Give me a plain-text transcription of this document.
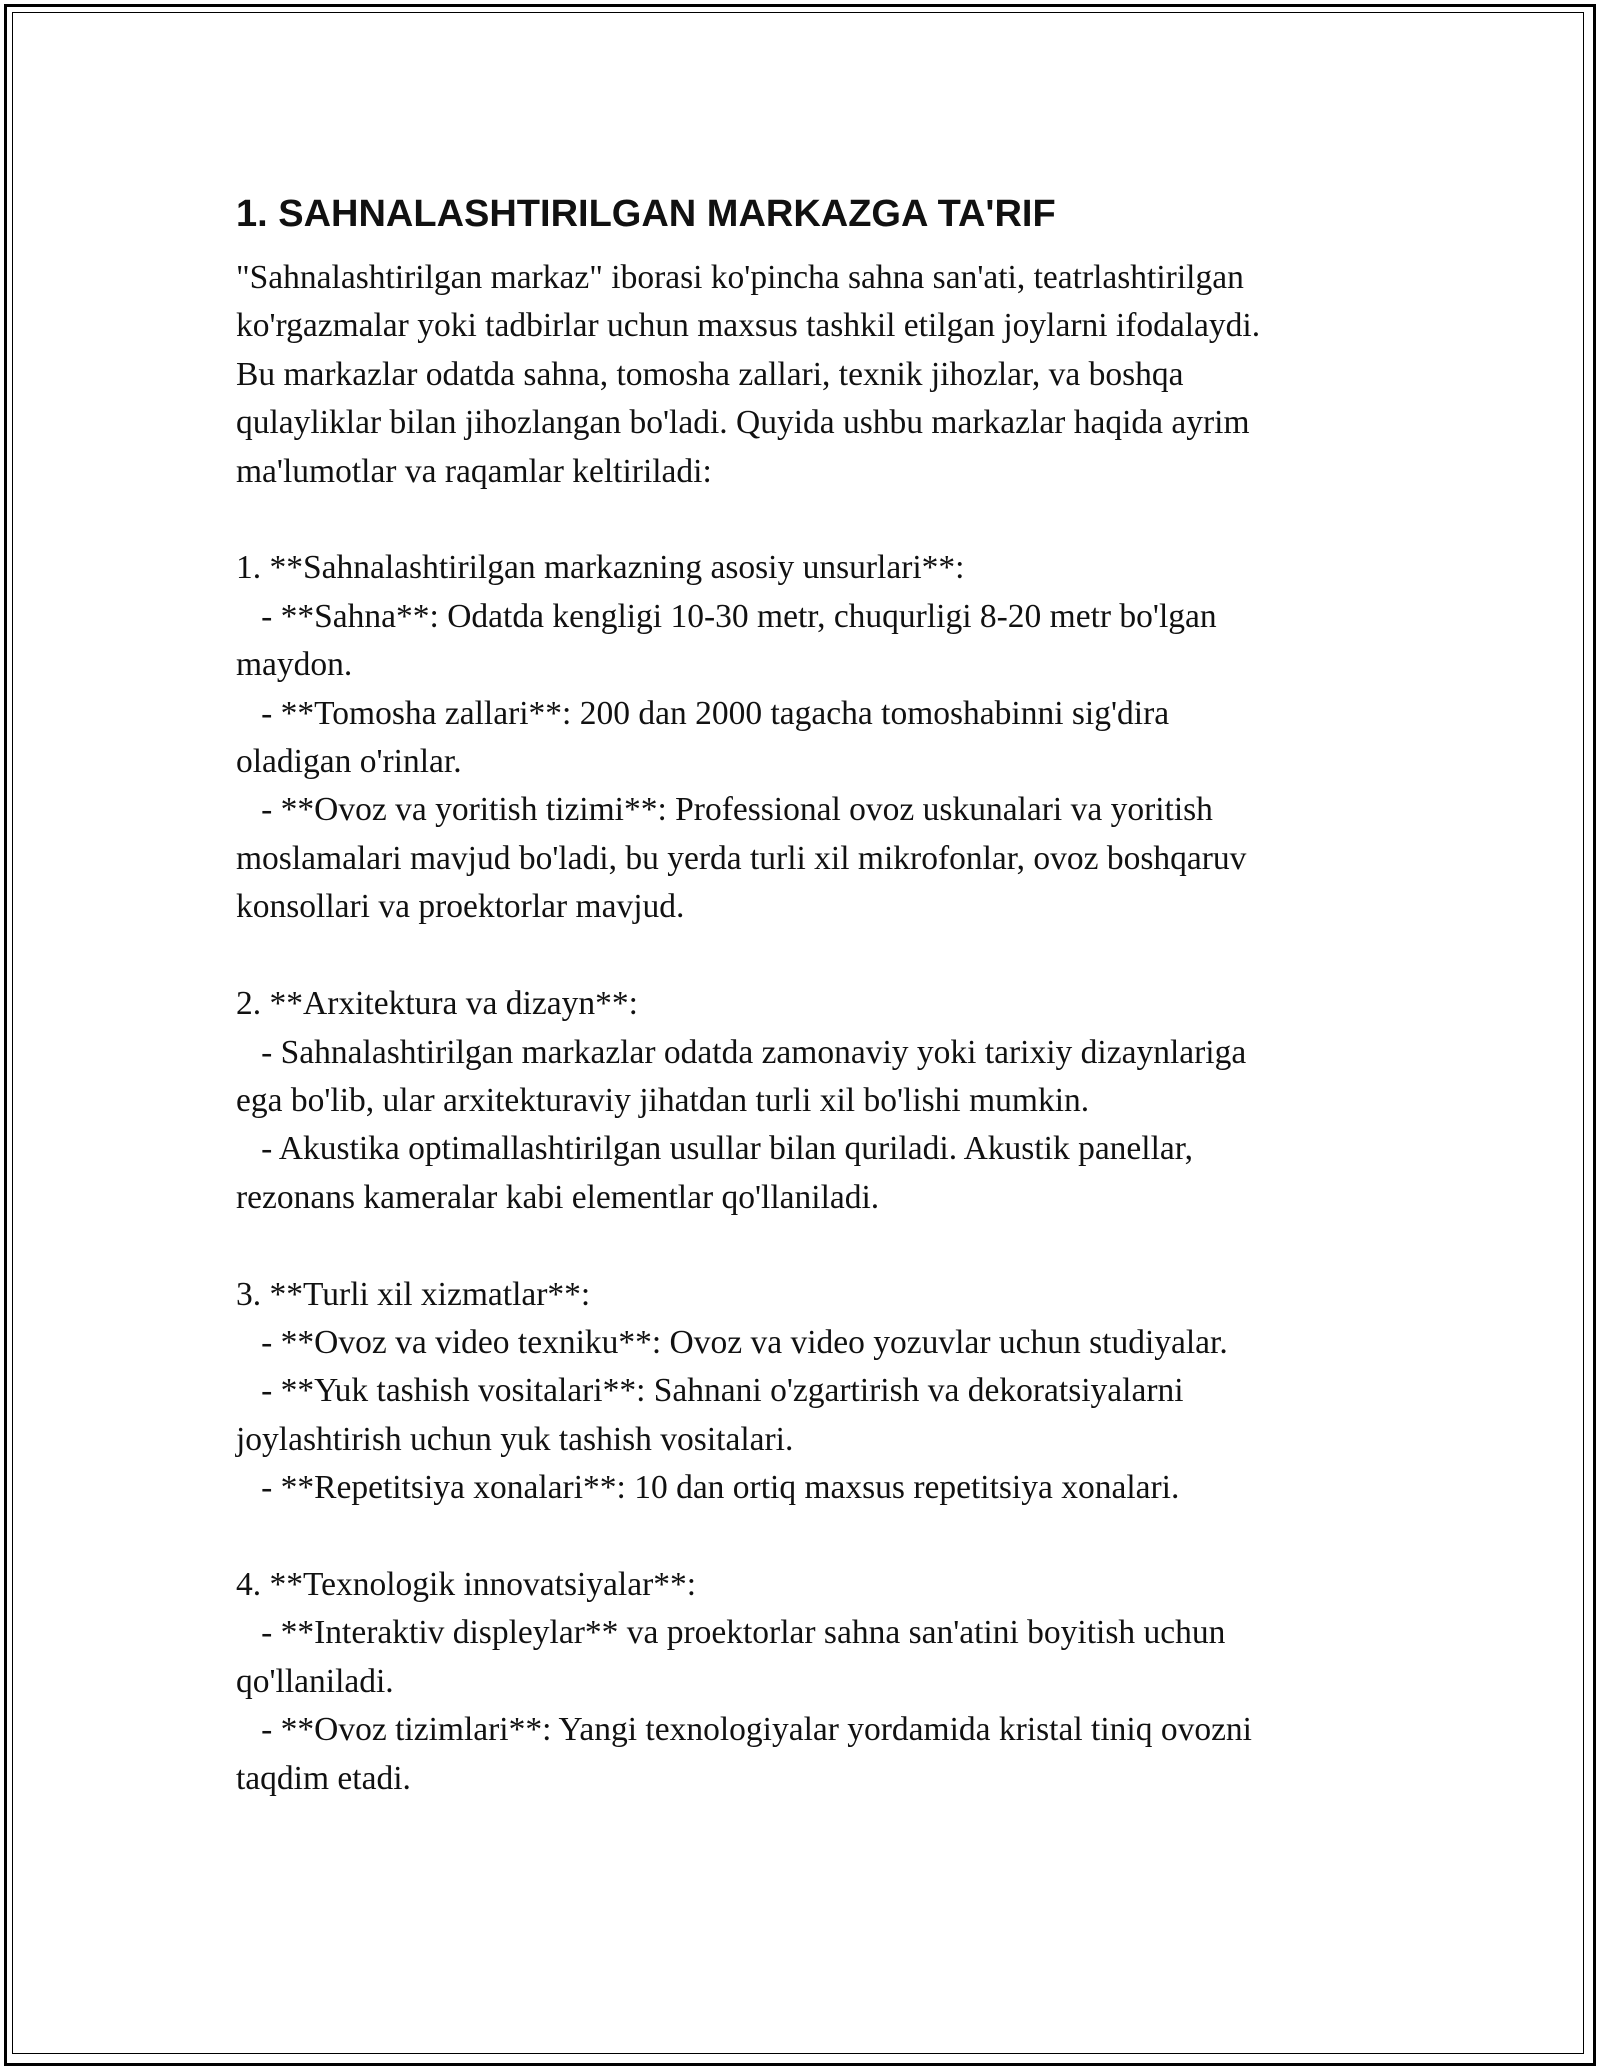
1. SAHNALASHTIRILGAN MARKAZGA TA'RIF

"Sahnalashtirilgan markaz" iborasi ko'pincha sahna san'ati, teatrlashtirilgan
ko'rgazmalar yoki tadbirlar uchun maxsus tashkil etilgan joylarni ifodalaydi.
Bu markazlar odatda sahna, tomosha zallari, texnik jihozlar, va boshqa
qulayliklar bilan jihozlangan bo'ladi. Quyida ushbu markazlar haqida ayrim
ma'lumotlar va raqamlar keltiriladi:

1. **Sahnalashtirilgan markazning asosiy unsurlari**:
- **Sahna**: Odatda kengligi 10-30 metr, chuqurligi 8-20 metr bo'lgan
maydon.
- **Tomosha zallari**: 200 dan 2000 tagacha tomoshabinni sig'dira
oladigan o'rinlar.
- **Ovoz va yoritish tizimi**: Professional ovoz uskunalari va yoritish
moslamalari mavjud bo'ladi, bu yerda turli xil mikrofonlar, ovoz boshqaruv
konsollari va proektorlar mavjud.

2. **Arxitektura va dizayn**:
- Sahnalashtirilgan markazlar odatda zamonaviy yoki tarixiy dizaynlariga
ega bo'lib, ular arxitekturaviy jihatdan turli xil bo'lishi mumkin.
- Akustika optimallashtirilgan usullar bilan quriladi. Akustik panellar,
rezonans kameralar kabi elementlar qo'llaniladi.

3. **Turli xil xizmatlar**:
- **Ovoz va video texniku**: Ovoz va video yozuvlar uchun studiyalar.
- **Yuk tashish vositalari**: Sahnani o'zgartirish va dekoratsiyalarni
joylashtirish uchun yuk tashish vositalari.
- **Repetitsiya xonalari**: 10 dan ortiq maxsus repetitsiya xonalari.

4. **Texnologik innovatsiyalar**:
- **Interaktiv displeylar** va proektorlar sahna san'atini boyitish uchun
qo'llaniladi.
- **Ovoz tizimlari**: Yangi texnologiyalar yordamida kristal tiniq ovozni
taqdim etadi.
